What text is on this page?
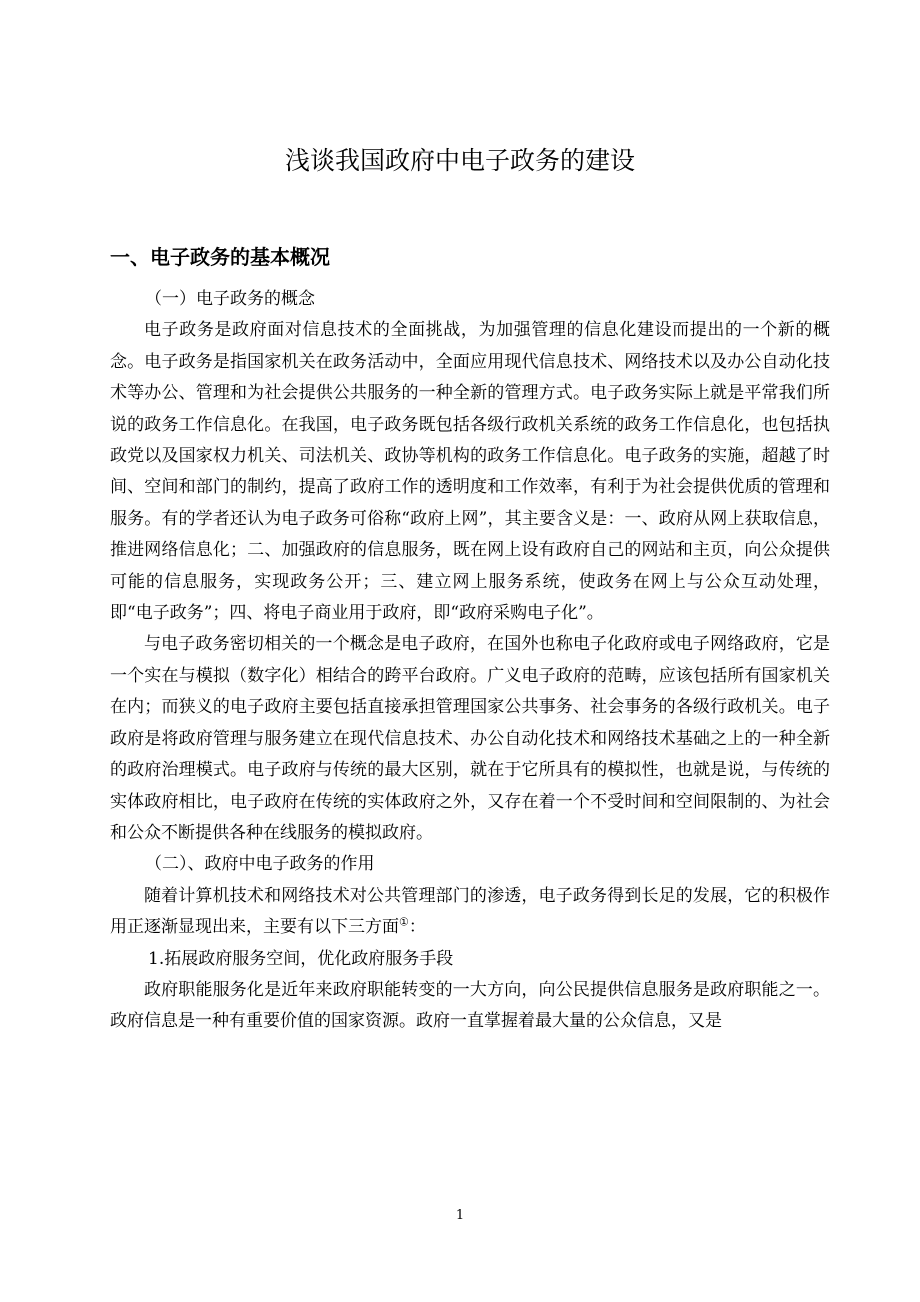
浅谈我国政府中电子政务的建设
一、电子政务的基本概况

（一）电子政务的概念

电子政务是政府面对信息技术的全面挑战，为加强管理的信息化建设而提出的一个新的概念。电子政务是指国家机关在政务活动中，全面应用现代信息技术、网络技术以及办公自动化技术等办公、管理和为社会提供公共服务的一种全新的管理方式。电子政务实际上就是平常我们所说的政务工作信息化。在我国，电子政务既包括各级行政机关系统的政务工作信息化，也包括执政党以及国家权力机关、司法机关、政协等机构的政务工作信息化。电子政务的实施，超越了时间、空间和部门的制约，提高了政府工作的透明度和工作效率，有利于为社会提供优质的管理和服务。有的学者还认为电子政务可俗称“政府上网”，其主要含义是：一、政府从网上获取信息，推进网络信息化；二、加强政府的信息服务，既在网上设有政府自己的网站和主页，向公众提供可能的信息服务，实现政务公开；三、建立网上服务系统，使政务在网上与公众互动处理，即“电子政务”；四、将电子商业用于政府，即“政府采购电子化”。

与电子政务密切相关的一个概念是电子政府，在国外也称电子化政府或电子网络政府，它是一个实在与模拟（数字化）相结合的跨平台政府。广义电子政府的范畴，应该包括所有国家机关在内；而狭义的电子政府主要包括直接承担管理国家公共事务、社会事务的各级行政机关。电子政府是将政府管理与服务建立在现代信息技术、办公自动化技术和网络技术基础之上的一种全新的政府治理模式。电子政府与传统的最大区别，就在于它所具有的模拟性，也就是说，与传统的实体政府相比，电子政府在传统的实体政府之外，又存在着一个不受时间和空间限制的、为社会和公众不断提供各种在线服务的模拟政府。

（二）、政府中电子政务的作用

随着计算机技术和网络技术对公共管理部门的渗透，电子政务得到长足的发展，它的积极作用正逐渐显现出来，主要有以下三方面①：

1.拓展政府服务空间，优化政府服务手段

政府职能服务化是近年来政府职能转变的一大方向，向公民提供信息服务是政府职能之一。政府信息是一种有重要价值的国家资源。政府一直掌握着最大量的公众信息，又是

1
